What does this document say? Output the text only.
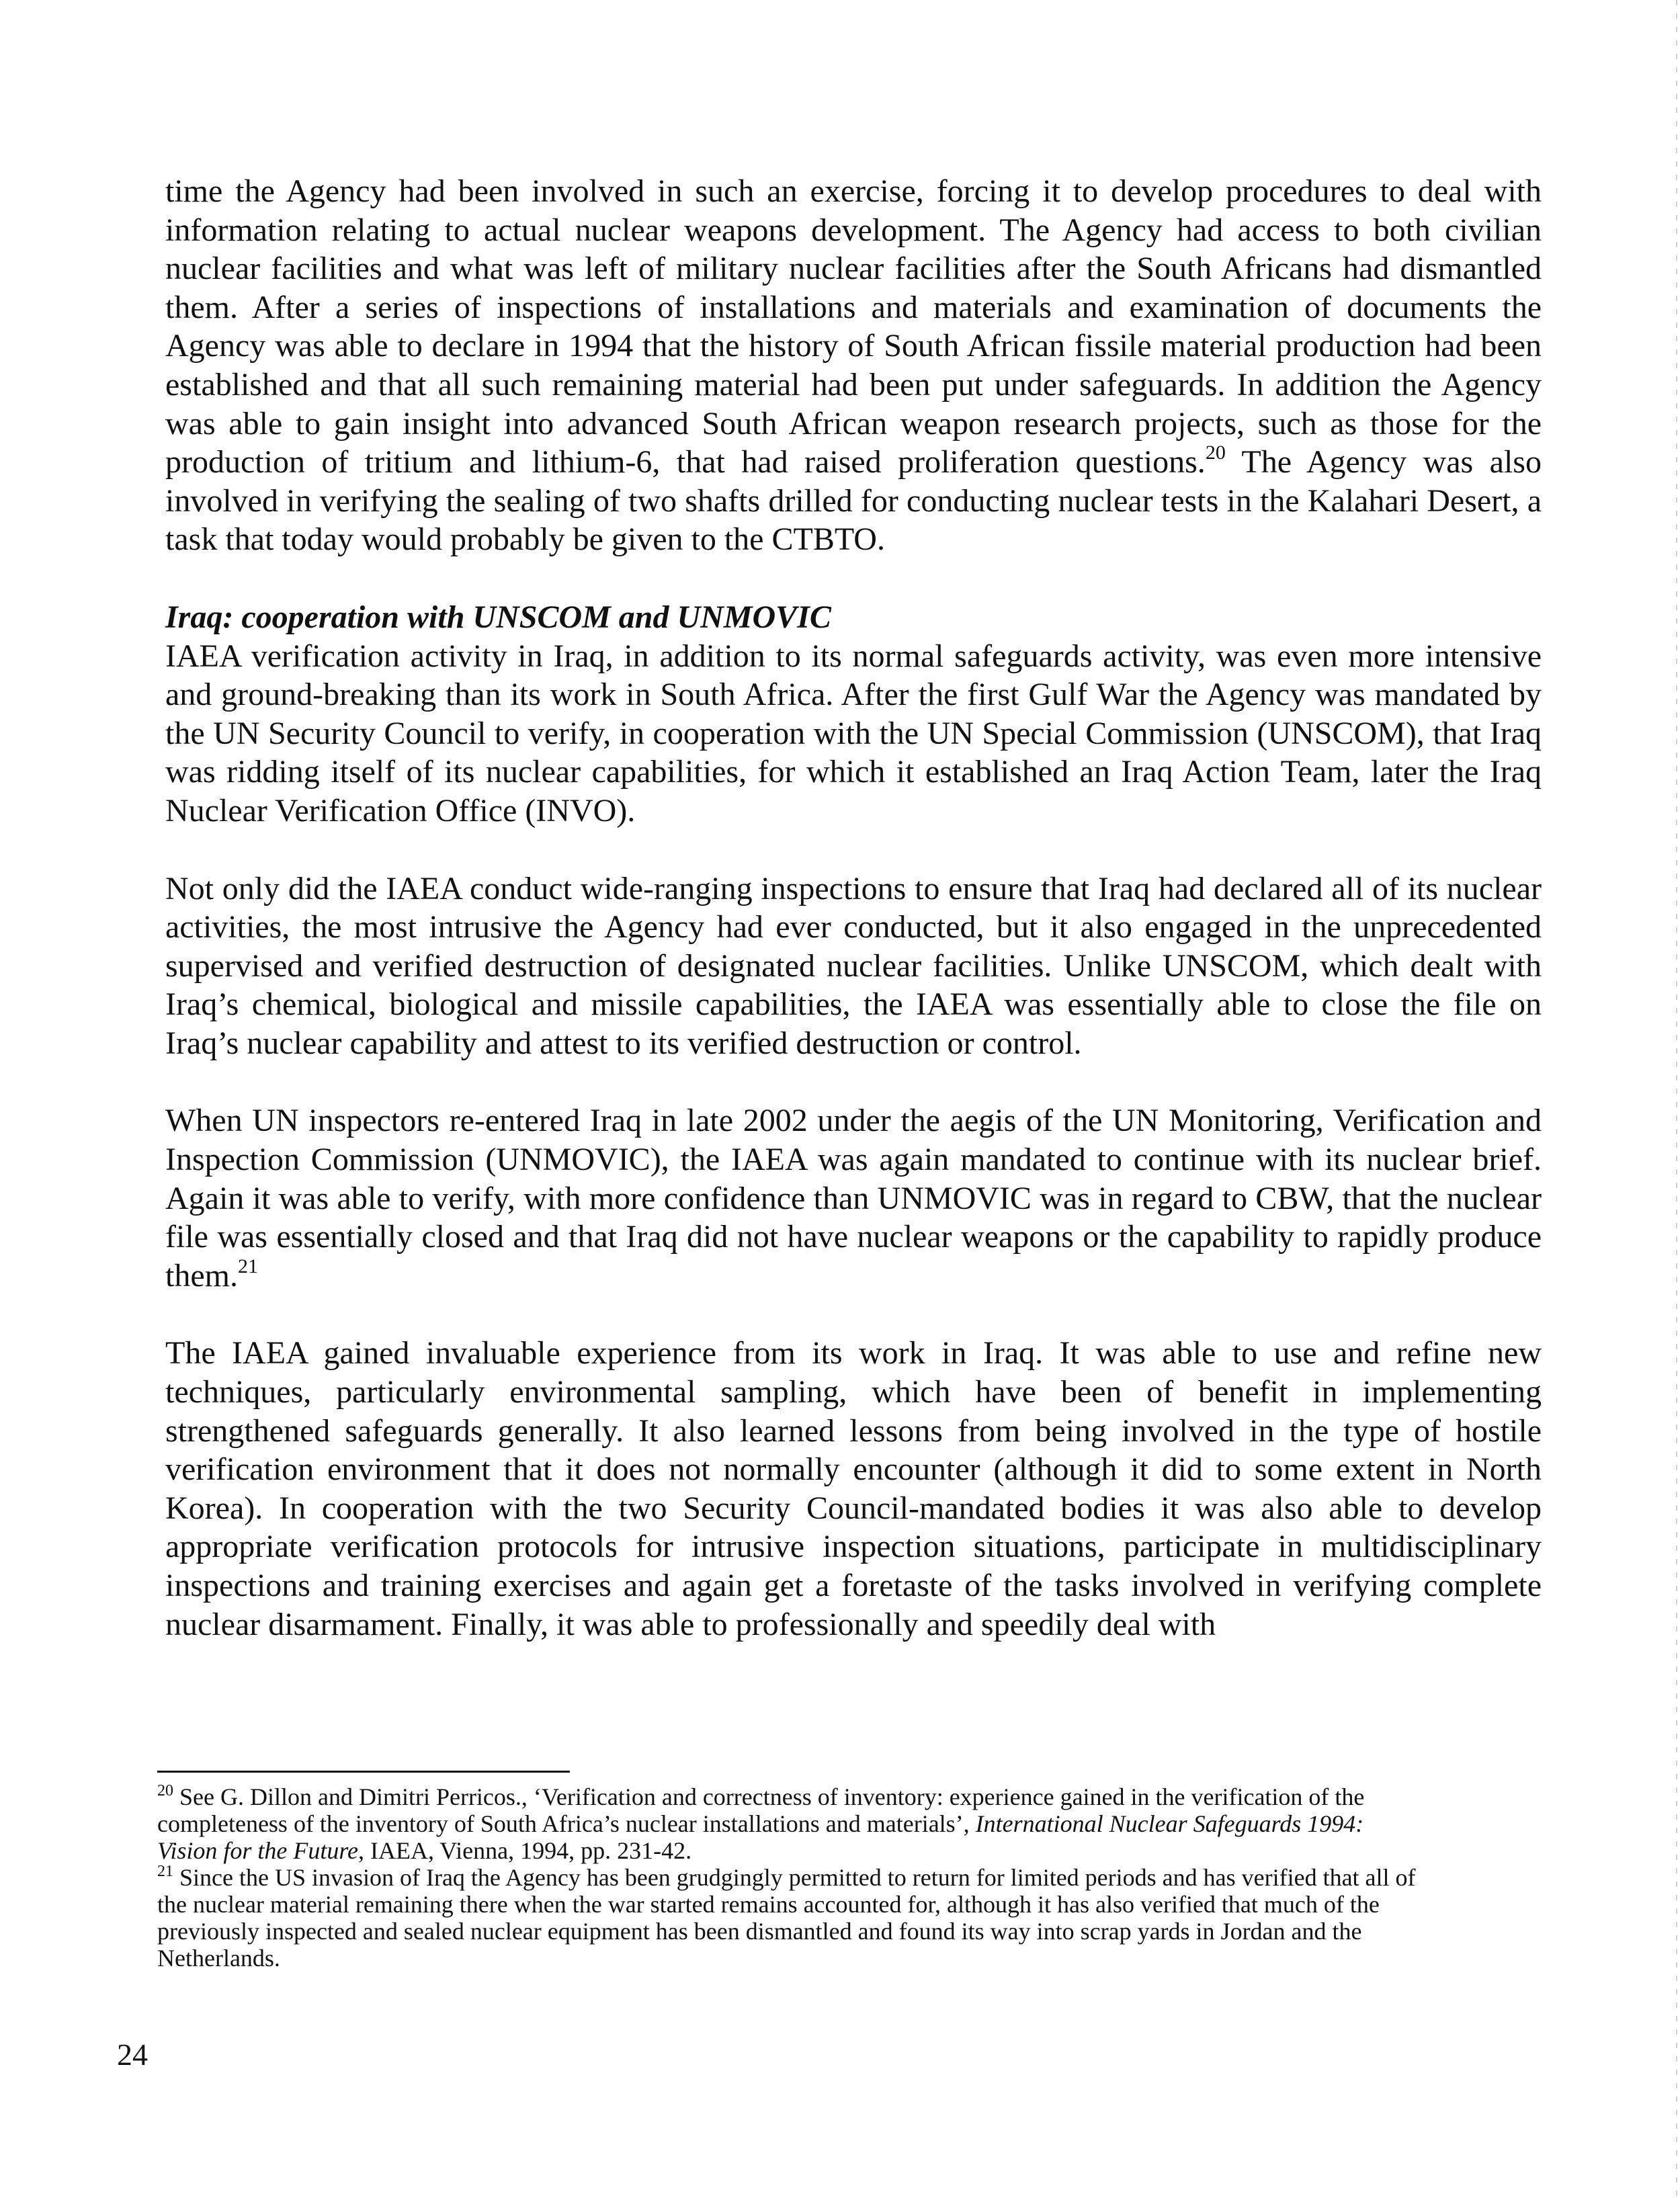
time the Agency had been involved in such an exercise, forcing it to develop procedures to deal with information relating to actual nuclear weapons development. The Agency had access to both civilian nuclear facilities and what was left of military nuclear facilities after the South Africans had dismantled them. After a series of inspections of installations and materials and examination of documents the Agency was able to declare in 1994 that the history of South African fissile material production had been established and that all such remaining material had been put under safeguards. In addition the Agency was able to gain insight into advanced South African weapon research projects, such as those for the production of tritium and lithium-6, that had raised proliferation questions.$^{20}$ The Agency was also involved in verifying the sealing of two shafts drilled for conducting nuclear tests in the Kalahari Desert, a task that today would probably be given to the CTBTO.

Iraq: cooperation with UNSCOM and UNMOVIC

IAEA verification activity in Iraq, in addition to its normal safeguards activity, was even more intensive and ground-breaking than its work in South Africa. After the first Gulf War the Agency was mandated by the UN Security Council to verify, in cooperation with the UN Special Commission (UNSCOM), that Iraq was ridding itself of its nuclear capabilities, for which it established an Iraq Action Team, later the Iraq Nuclear Verification Office (INVO).

Not only did the IAEA conduct wide-ranging inspections to ensure that Iraq had declared all of its nuclear activities, the most intrusive the Agency had ever conducted, but it also engaged in the unprecedented supervised and verified destruction of designated nuclear facilities. Unlike UNSCOM, which dealt with Iraq’s chemical, biological and missile capabilities, the IAEA was essentially able to close the file on Iraq’s nuclear capability and attest to its verified destruction or control.

When UN inspectors re-entered Iraq in late 2002 under the aegis of the UN Monitoring, Verification and Inspection Commission (UNMOVIC), the IAEA was again mandated to continue with its nuclear brief. Again it was able to verify, with more confidence than UNMOVIC was in regard to CBW, that the nuclear file was essentially closed and that Iraq did not have nuclear weapons or the capability to rapidly produce them.$^{21}$

The IAEA gained invaluable experience from its work in Iraq. It was able to use and refine new techniques, particularly environmental sampling, which have been of benefit in implementing strengthened safeguards generally. It also learned lessons from being involved in the type of hostile verification environment that it does not normally encounter (although it did to some extent in North Korea). In cooperation with the two Security Council-mandated bodies it was also able to develop appropriate verification protocols for intrusive inspection situations, participate in multidisciplinary inspections and training exercises and again get a foretaste of the tasks involved in verifying complete nuclear disarmament. Finally, it was able to professionally and speedily deal with

$^{20}$ See G. Dillon and Dimitri Perricos., ‘Verification and correctness of inventory: experience gained in the verification of the completeness of the inventory of South Africa’s nuclear installations and materials’, International Nuclear Safeguards 1994: Vision for the Future, IAEA, Vienna, 1994, pp. 231-42.

$^{21}$ Since the US invasion of Iraq the Agency has been grudgingly permitted to return for limited periods and has verified that all of the nuclear material remaining there when the war started remains accounted for, although it has also verified that much of the previously inspected and sealed nuclear equipment has been dismantled and found its way into scrap yards in Jordan and the Netherlands.

24
